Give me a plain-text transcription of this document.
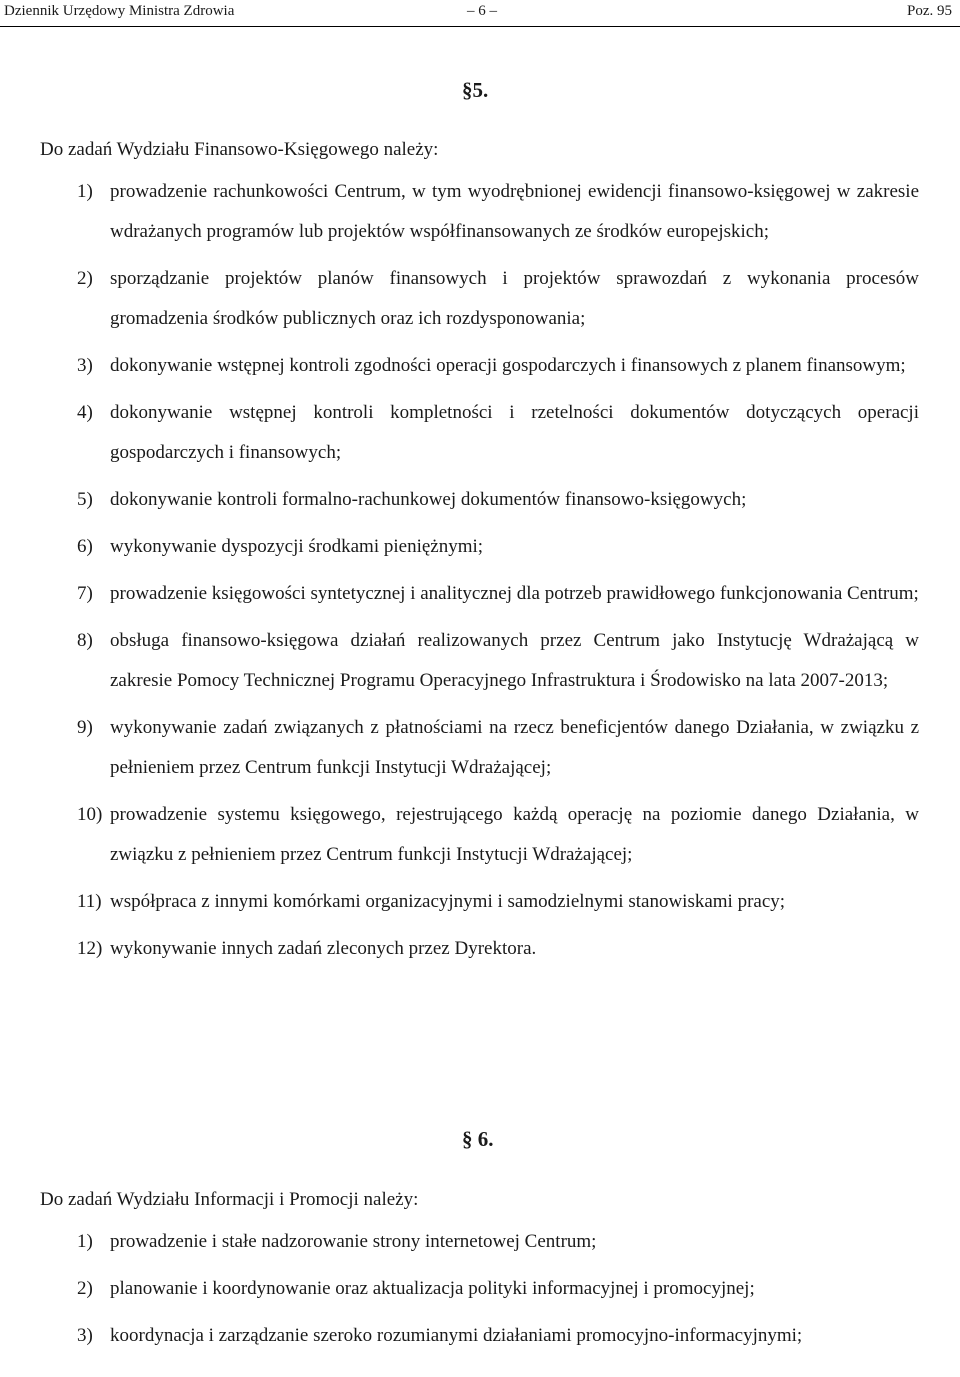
Dziennik Urzędowy Ministra Zdrowia	– 6 –	Poz. 95
§5.
Do zadań Wydziału Finansowo-Księgowego należy:
1) prowadzenie rachunkowości Centrum, w tym wyodrębnionej ewidencji finansowo-księgowej w zakresie wdrażanych programów lub projektów współfinansowanych ze środków europejskich;
2) sporządzanie projektów planów finansowych i projektów sprawozdań z wykonania procesów gromadzenia środków publicznych oraz ich rozdysponowania;
3) dokonywanie wstępnej kontroli zgodności operacji gospodarczych i finansowych z planem finansowym;
4) dokonywanie wstępnej kontroli kompletności i rzetelności dokumentów dotyczących operacji gospodarczych i finansowych;
5) dokonywanie kontroli formalno-rachunkowej dokumentów finansowo-księgowych;
6) wykonywanie dyspozycji środkami pieniężnymi;
7) prowadzenie księgowości syntetycznej i analitycznej dla potrzeb prawidłowego funkcjonowania Centrum;
8) obsługa finansowo-księgowa działań realizowanych przez Centrum jako Instytucję Wdrażającą w zakresie Pomocy Technicznej Programu Operacyjnego Infrastruktura i Środowisko na lata 2007-2013;
9) wykonywanie zadań związanych z płatnościami na rzecz beneficjentów danego Działania, w związku z pełnieniem przez Centrum funkcji Instytucji Wdrażającej;
10) prowadzenie systemu księgowego, rejestrującego każdą operację na poziomie danego Działania, w związku z pełnieniem przez Centrum funkcji Instytucji Wdrażającej;
11) współpraca z innymi komórkami organizacyjnymi i samodzielnymi stanowiskami pracy;
12) wykonywanie innych zadań zleconych przez Dyrektora.
§ 6.
Do zadań Wydziału Informacji i Promocji należy:
1) prowadzenie i stałe nadzorowanie strony internetowej Centrum;
2) planowanie i koordynowanie oraz aktualizacja polityki informacyjnej i promocyjnej;
3) koordynacja i zarządzanie szeroko rozumianymi działaniami promocyjno-informacyjnymi;
